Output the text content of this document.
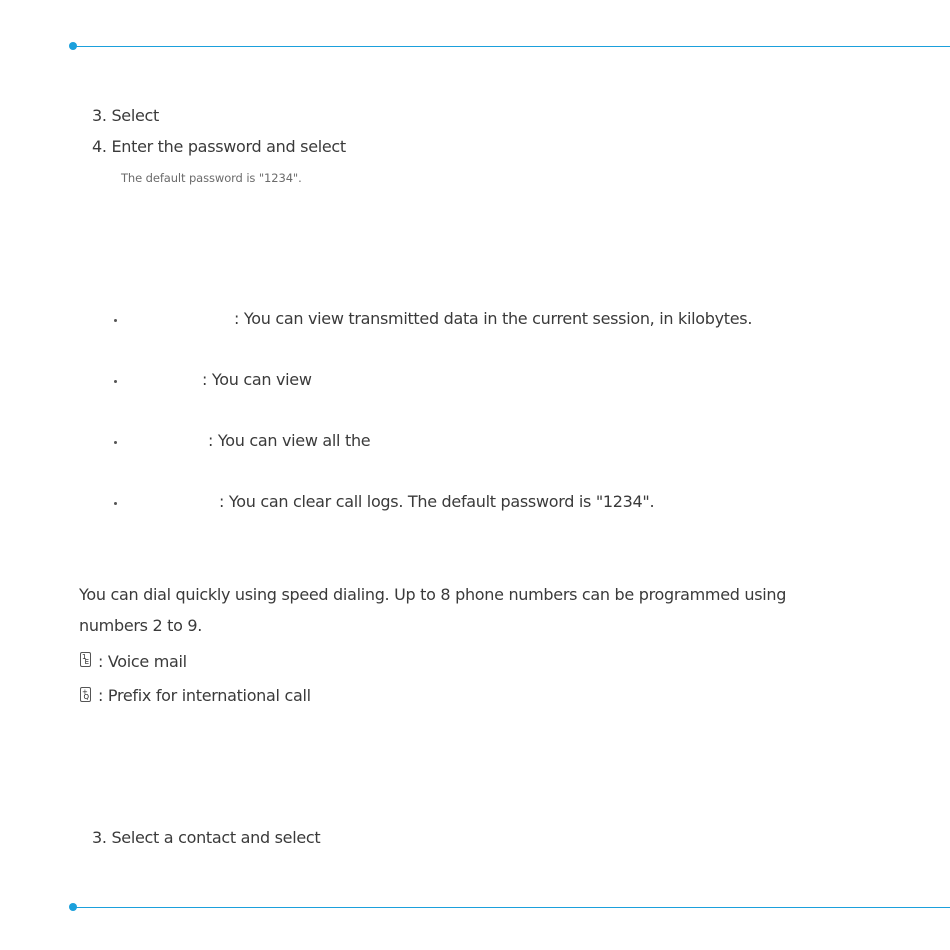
3. Select
4. Enter the password and select
The default password is "1234".
: You can view transmitted data in the current session, in kilobytes.
: You can view
: You can view all the
: You can clear call logs. The default password is "1234".
You can dial quickly using speed dialing. Up to 8 phone numbers can be programmed using
numbers 2 to 9.
1
E : Voice mail
+
Q : Prefix for international call
3. Select a contact and select
